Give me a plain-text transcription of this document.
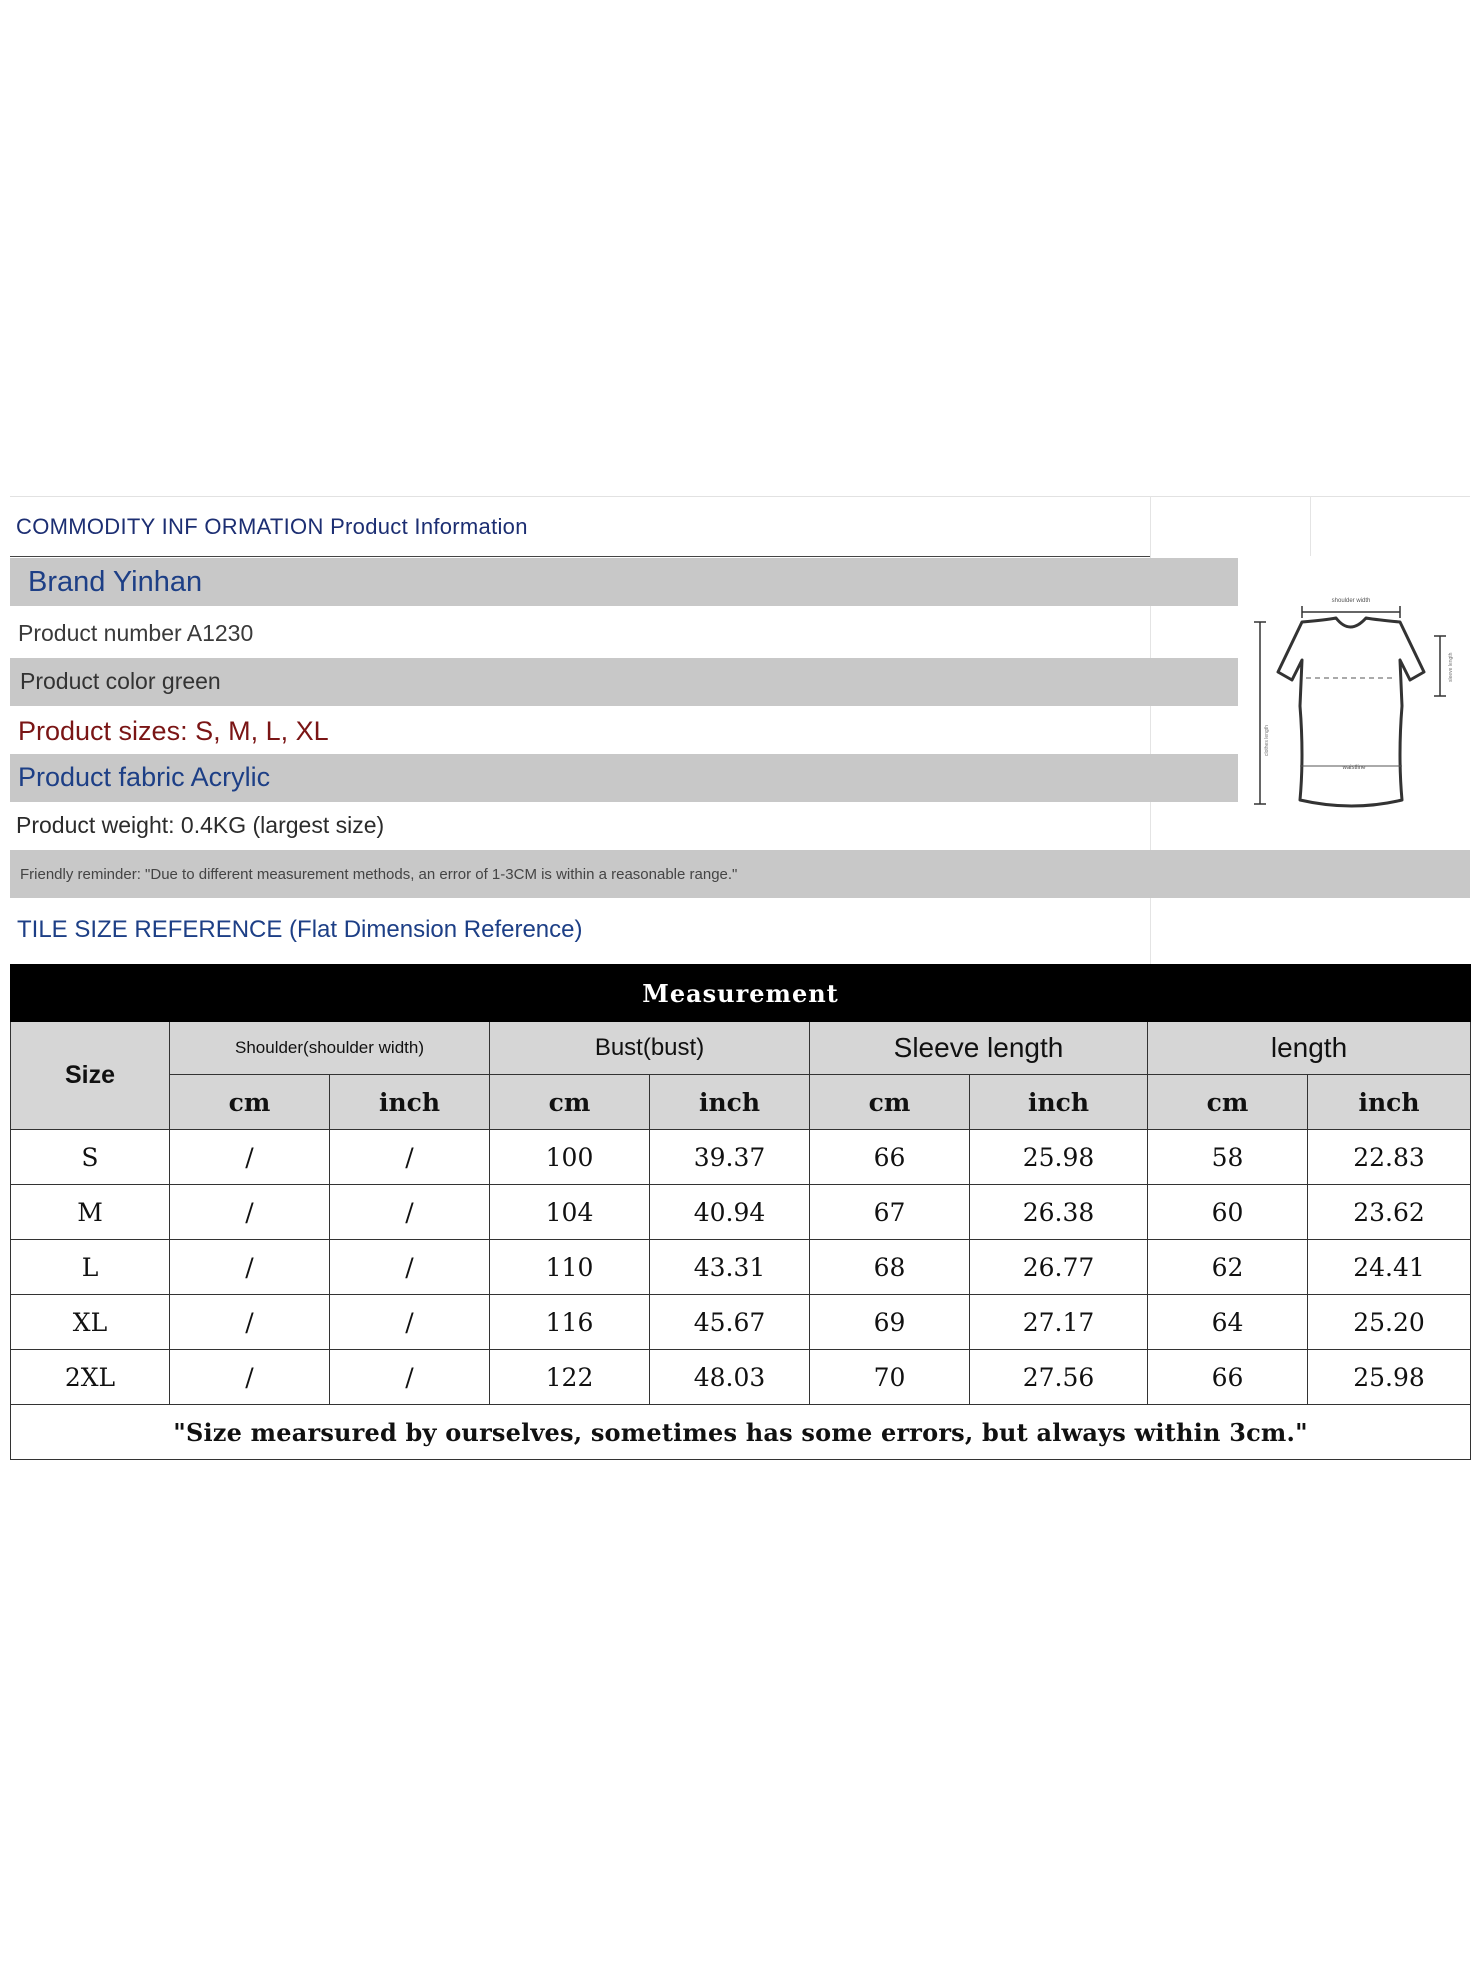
COMMODITY INF ORMATION Product Information
Brand Yinhan
Product number A1230
Product color green
Product sizes: S, M, L, XL
Product fabric Acrylic
Product weight: 0.4KG (largest size)
Friendly reminder: "Due to different measurement methods, an error of 1-3CM is within a reasonable range."
TILE SIZE REFERENCE (Flat Dimension Reference)
shoulder width
waistline
clothes length
sleeve length
Measurement								
Size	Shoulder(shoulder width)		Bust(bust)		Sleeve length		length	
	cm	inch	cm	inch	cm	inch	cm	inch
S	/	/	100	39.37	66	25.98	58	22.83
M	/	/	104	40.94	67	26.38	60	23.62
L	/	/	110	43.31	68	26.77	62	24.41
XL	/	/	116	45.67	69	27.17	64	25.20
2XL	/	/	122	48.03	70	27.56	66	25.98
"Size mearsured by ourselves, sometimes has some errors, but always within 3cm."								
